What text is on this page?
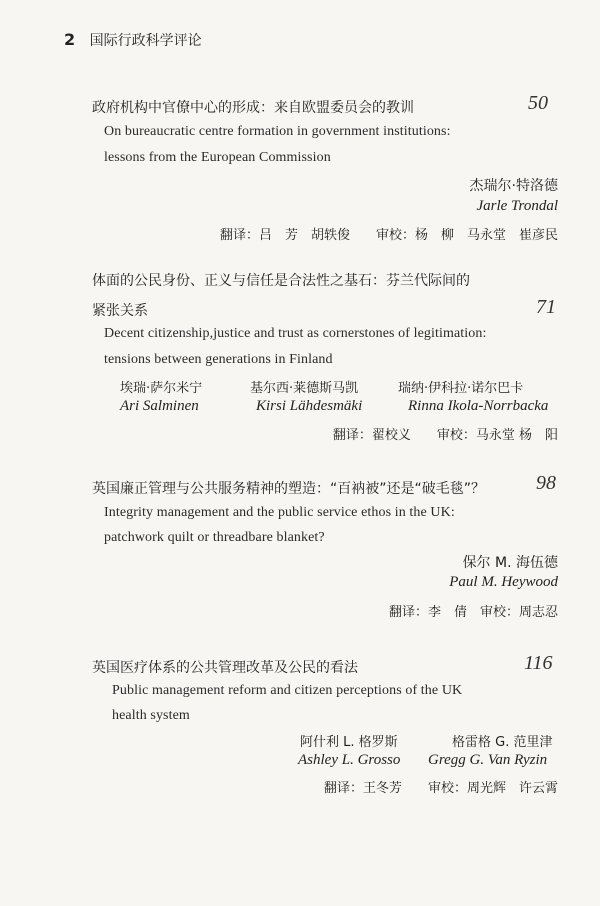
2 国际行政科学评论
政府机构中官僚中心的形成：来自欧盟委员会的教训	50
On bureaucratic centre formation in government institutions:
lessons from the European Commission
杰瑞尔·特洛德
Jarle Trondal
翻译：吕　芳　胡轶俊　　审校：杨　柳　马永堂　崔彦民
体面的公民身份、正义与信任是合法性之基石：芬兰代际间的
紧张关系	71
Decent citizenship,justice and trust as cornerstones of legitimation:
tensions between generations in Finland
埃瑞·萨尔米宁	基尔西·莱德斯马凯	瑞纳·伊科拉·诺尔巴卡
Ari Salminen	Kirsi Lähdesmäki	Rinna Ikola-Norrbacka
翻译：翟校义　　审校：马永堂 杨　阳
英国廉正管理与公共服务精神的塑造：“百衲被”还是“破毛毯”？	98
Integrity management and the public service ethos in the UK:
patchwork quilt or threadbare blanket?
保尔 M. 海伍德
Paul M. Heywood
翻译：李　倩　审校：周志忍
英国医疗体系的公共管理改革及公民的看法	116
Public management reform and citizen perceptions of the UK
health system
阿什利 L. 格罗斯	格雷格 G. 范里津
Ashley L. Grosso Gregg G. Van Ryzin
翻译：王冬芳　　审校：周光辉　许云霄
